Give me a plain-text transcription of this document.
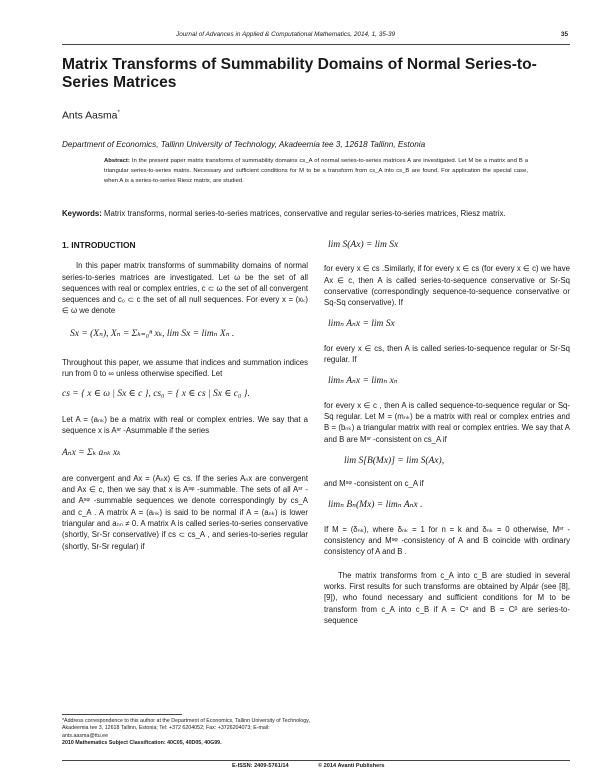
Journal of Advances in Applied & Computational Mathematics, 2014, 1, 35-39	35
Matrix Transforms of Summability Domains of Normal Series-to-Series Matrices
Ants Aasma*
Department of Economics, Tallinn University of Technology, Akadeemia tee 3, 12618 Tallinn, Estonia
Abstract: In the present paper matrix transforms of summability domains cs_A of normal series-to-series matrices A are investigated. Let M be a matrix and B a triangular series-to-series matrix. Necessary and sufficient conditions for M to be a transform from cs_A into cs_B are found. For application the special case, when A is a series-to-series Riesz matrix, are studied.
Keywords: Matrix transforms, normal series-to-series matrices, conservative and regular series-to-series matrices, Riesz matrix.
1. INTRODUCTION

In this paper matrix transforms of summability domains of normal series-to-series matrices are investigated. Let ω be the set of all sequences with real or complex entries, c ⊂ ω the set of all convergent sequences and c₀ ⊂ c the set of all null sequences. For every x = (xₖ) ∈ ω we denote

Sx = (Xₙ), Xₙ = Σₖ₌₀ⁿ xₖ, lim Sx = limₙ Xₙ .

Throughout this paper, we assume that indices and summation indices run from 0 to ∞ unless otherwise specified. Let

cs = { x ∈ ω | Sx ∈ c }, cs₀ = { x ∈ cs | Sx ∈ c₀ }.

Let A = (aₙₖ) be a matrix with real or complex entries. We say that a sequence x is Aˢʳ -Asummable if the series

Aₙx = Σₖ aₙₖ xₖ

are convergent and Ax = (Aₙx) ∈ cs. If the series Aₙx are convergent and Ax ∈ c, then we say that x is Aˢᵠ -summable. The sets of all Aˢʳ - and Aˢᵠ -summable sequences we denote correspondingly by cs_A and c_A . A matrix A = (aₙₖ) is said to be normal if A = (aₙₖ) is lower triangular and aₙₙ ≠ 0. A matrix A is called series-to-series conservative (shortly, Sr-Sr conservative) if cs ⊂ cs_A , and series-to-series regular (shortly, Sr-Sr regular) if

lim S(Ax) = lim Sx

for every x ∈ cs .Similarly, if for every x ∈ cs (for every x ∈ c) we have Ax ∈ c, then A is called series-to-sequence conservative or Sr-Sq conservative (correspondingly sequence-to-sequence conservative or Sq-Sq conservative). If

limₙ Aₙx = lim Sx

for every x ∈ cs, then A is called series-to-sequence regular or Sr-Sq regular. If

limₙ Aₙx = limₙ xₙ

for every x ∈ c , then A is called sequence-to-sequence regular or Sq-Sq regular. Let M = (mₙₖ) be a matrix with real or complex entries and B = (bₙₖ) a triangular matrix with real or complex entries. We say that A and B are Mˢʳ -consistent on cs_A if

lim S[B(Mx)] = lim S(Ax),

and Mˢᵠ -consistent on c_A if

limₙ Bₙ(Mx) = limₙ Aₙx .

If M = (δₙₖ), where δₙₖ = 1 for n = k and δₙₖ = 0 otherwise, Mˢʳ -consistency and Mˢᵠ -consistency of A and B coincide with ordinary consistency of A and B .

The matrix transforms from c_A into c_B are studied in several works. First results for such transforms are obtained by Alpár (see [8], [9]), who found necessary and sufficient conditions for M to be transform from c_A into c_B if A = Cᵅ and B = Cᵝ are series-to-sequence

*Address correspondence to this author at the Department of Economics, Tallinn University of Technology, Akadeemia tee 3, 12618 Tallinn, Estonia; Tel: +372 6204052; Fax: +3726204073; E-mail: ants.aasma@ttu.ee
2010 Mathematics Subject Classification: 40C05, 40D05, 40G99.
E-ISSN: 2409-5761/14	© 2014 Avanti Publishers
